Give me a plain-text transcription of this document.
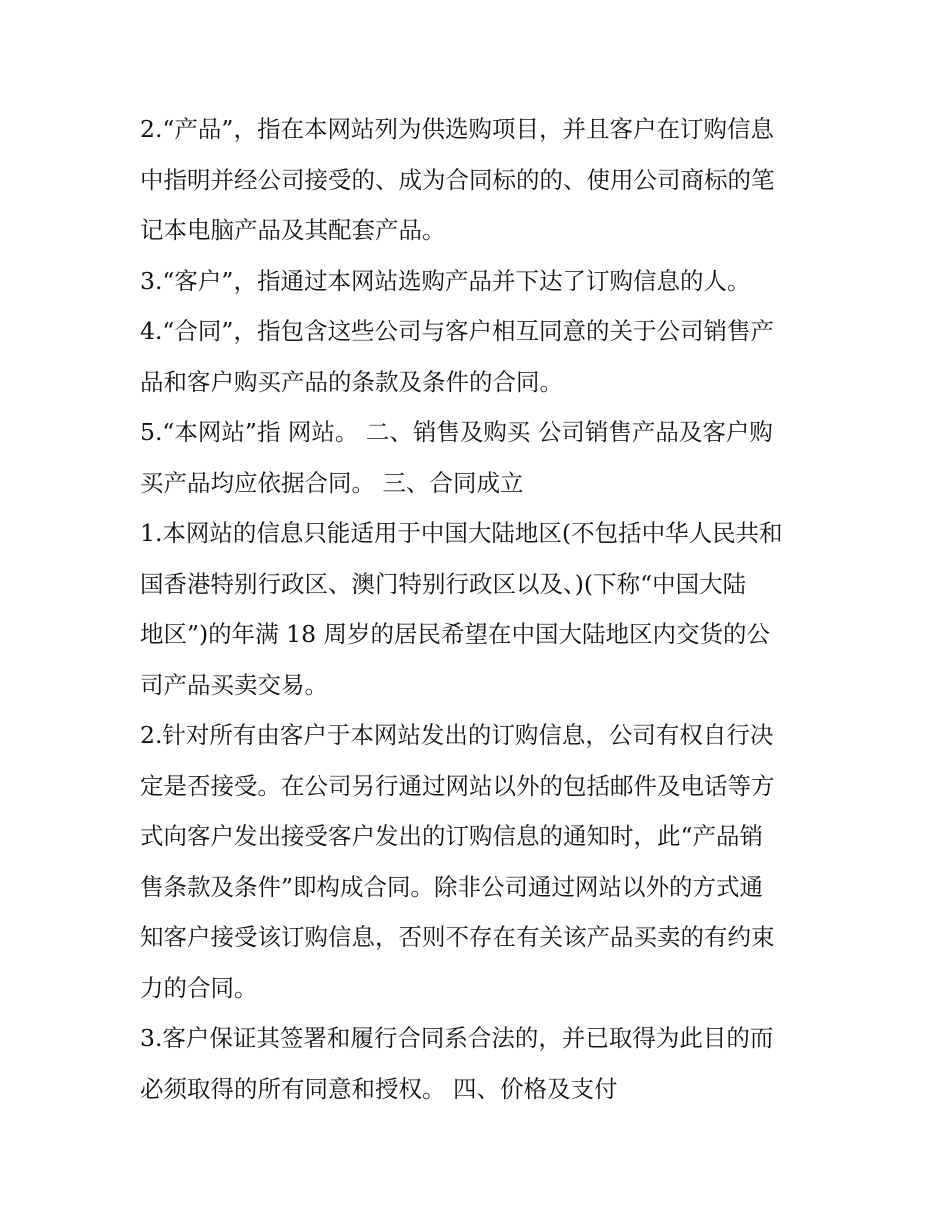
2.“产品”，指在本网站列为供选购项目，并且客户在订购信息
中指明并经公司接受的、成为合同标的的、使用公司商标的笔
记本电脑产品及其配套产品。

3.“客户”，指通过本网站选购产品并下达了订购信息的人。

4.“合同”，指包含这些公司与客户相互同意的关于公司销售产
品和客户购买产品的条款及条件的合同。

5.“本网站”指 网站。 二、销售及购买 公司销售产品及客户购
买产品均应依据合同。 三、合同成立

1.本网站的信息只能适用于中国大陆地区(不包括中华人民共和
国香港特别行政区、澳门特别行政区以及、)(下称“中国大陆
地区”)的年满 18 周岁的居民希望在中国大陆地区内交货的公
司产品买卖交易。

2.针对所有由客户于本网站发出的订购信息，公司有权自行决
定是否接受。在公司另行通过网站以外的包括邮件及电话等方
式向客户发出接受客户发出的订购信息的通知时，此“产品销
售条款及条件”即构成合同。除非公司通过网站以外的方式通
知客户接受该订购信息，否则不存在有关该产品买卖的有约束
力的合同。

3.客户保证其签署和履行合同系合法的，并已取得为此目的而
必须取得的所有同意和授权。 四、价格及支付
